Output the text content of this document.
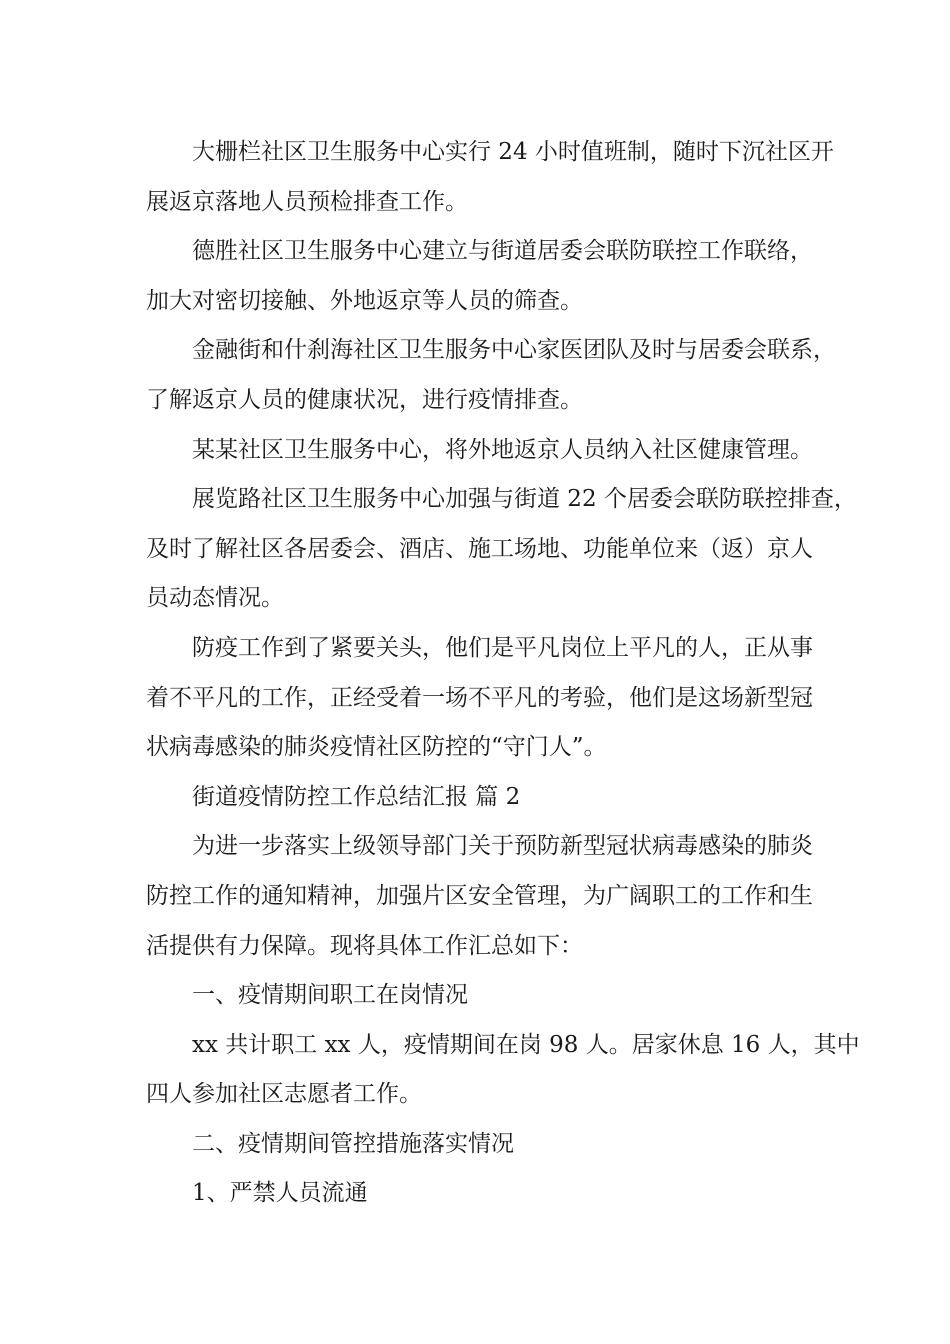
大栅栏社区卫生服务中心实行 24 小时值班制，随时下沉社区开
展返京落地人员预检排查工作。
德胜社区卫生服务中心建立与街道居委会联防联控工作联络，
加大对密切接触、外地返京等人员的筛查。
金融街和什刹海社区卫生服务中心家医团队及时与居委会联系，
了解返京人员的健康状况，进行疫情排查。
某某社区卫生服务中心，将外地返京人员纳入社区健康管理。
展览路社区卫生服务中心加强与街道 22 个居委会联防联控排查，
及时了解社区各居委会、酒店、施工场地、功能单位来（返）京人
员动态情况。
防疫工作到了紧要关头，他们是平凡岗位上平凡的人，正从事
着不平凡的工作，正经受着一场不平凡的考验，他们是这场新型冠
状病毒感染的肺炎疫情社区防控的“守门人”。
街道疫情防控工作总结汇报 篇 2
为进一步落实上级领导部门关于预防新型冠状病毒感染的肺炎
防控工作的通知精神，加强片区安全管理，为广阔职工的工作和生
活提供有力保障。现将具体工作汇总如下：
一、疫情期间职工在岗情况
xx 共计职工 xx 人，疫情期间在岗 98 人。居家休息 16 人，其中
四人参加社区志愿者工作。
二、疫情期间管控措施落实情况
1、严禁人员流通
